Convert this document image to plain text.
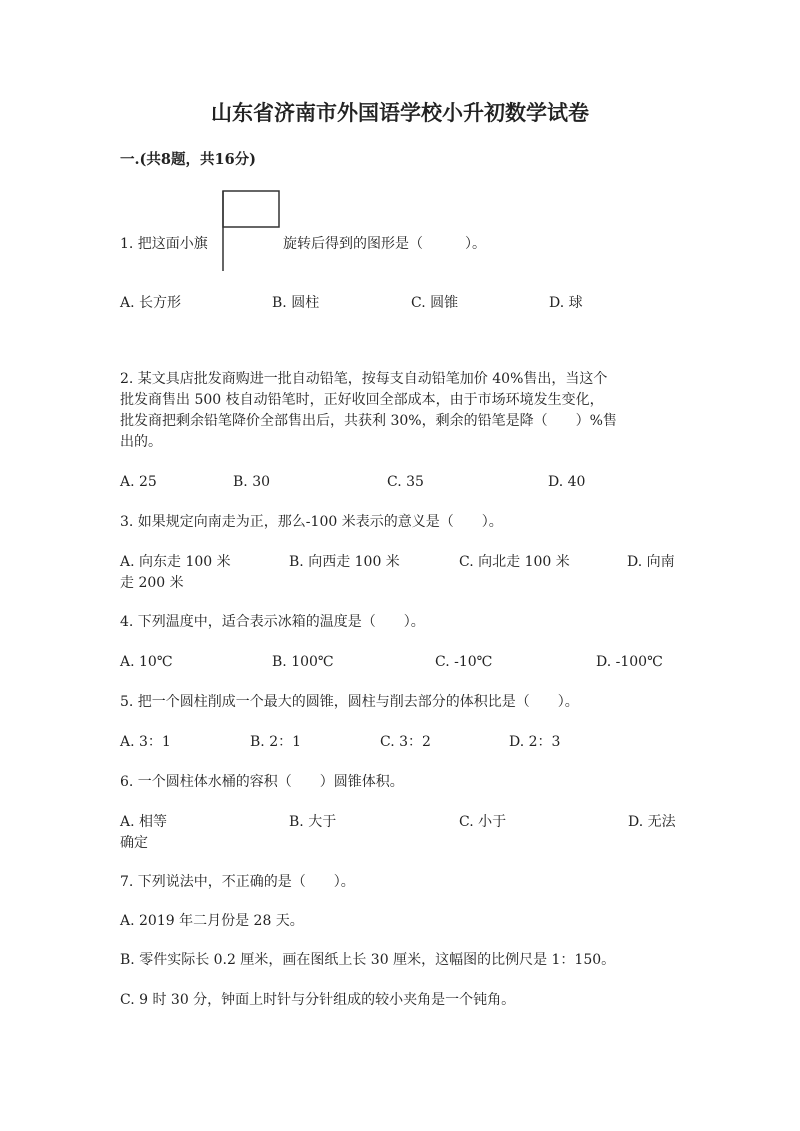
山东省济南市外国语学校小升初数学试卷
一.(共8题，共16分)
1. 把这面小旗	旋转后得到的图形是（　　　）。
A. 长方形	B. 圆柱	C. 圆锥	D. 球
2. 某文具店批发商购进一批自动铅笔，按每支自动铅笔加价 40%售出，当这个
批发商售出 500 枝自动铅笔时，正好收回全部成本，由于市场环境发生变化，
批发商把剩余铅笔降价全部售出后，共获利 30%，剩余的铅笔是降（　　）%售
出的。
A. 25	B. 30	C. 35	D. 40
3. 如果规定向南走为正，那么-100 米表示的意义是（　　）。
A. 向东走 100 米	B. 向西走 100 米	C. 向北走 100 米	D. 向南
走 200 米
4. 下列温度中，适合表示冰箱的温度是（　　）。
A. 10℃	B. 100℃	C. -10℃	D. -100℃
5. 把一个圆柱削成一个最大的圆锥，圆柱与削去部分的体积比是（　　）。
A. 3：1	B. 2：1	C. 3：2	D. 2：3
6. 一个圆柱体水桶的容积（　　）圆锥体积。
A. 相等	B. 大于	C. 小于	D. 无法
确定
7. 下列说法中，不正确的是（　　）。
A. 2019 年二月份是 28 天。
B. 零件实际长 0.2 厘米，画在图纸上长 30 厘米，这幅图的比例尺是 1：150。
C. 9 时 30 分，钟面上时针与分针组成的较小夹角是一个钝角。
